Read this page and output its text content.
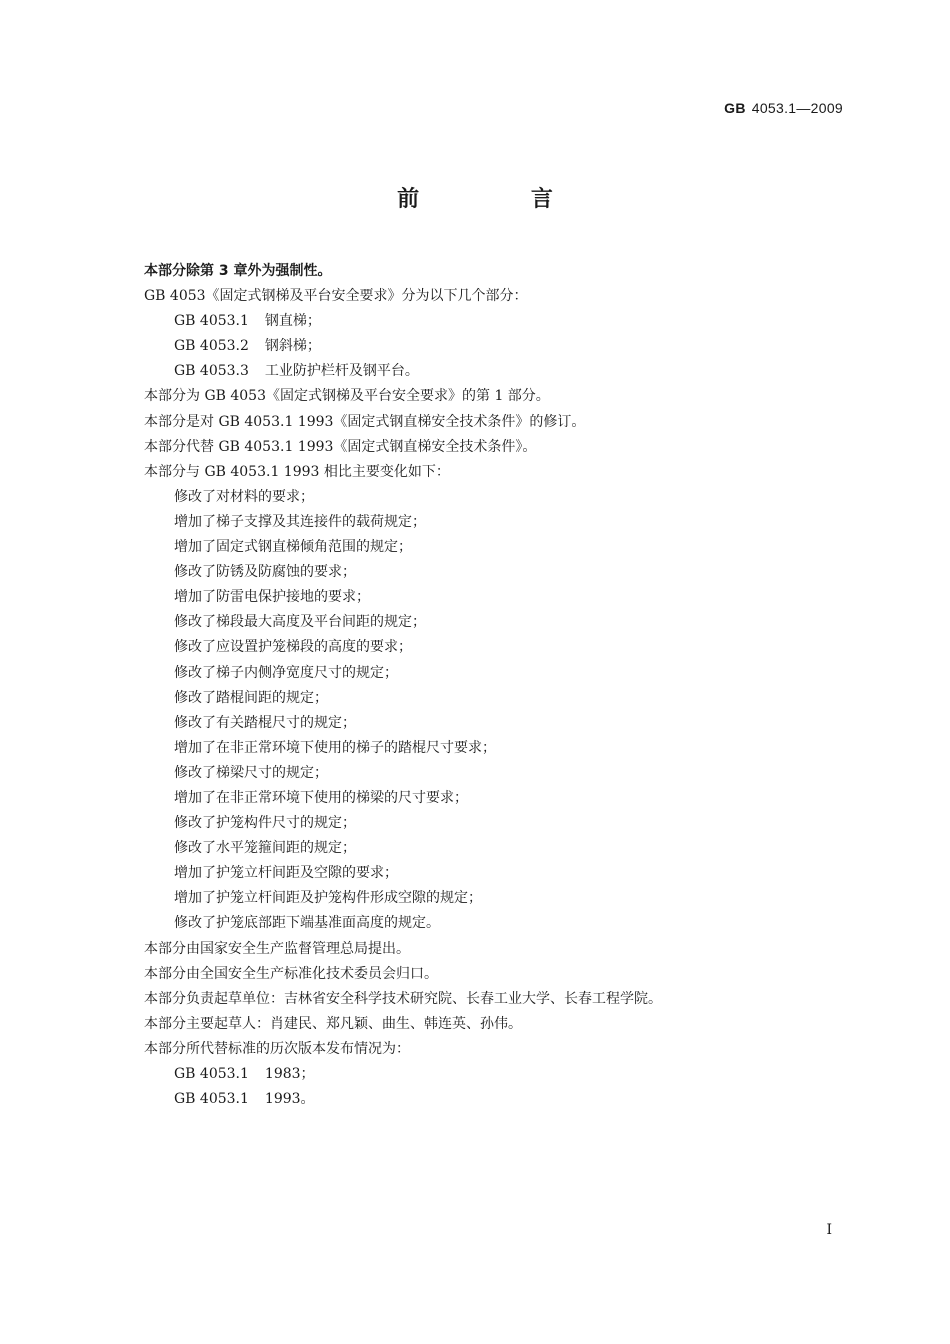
GB 4053.1—2009
前 言
本部分除第 3 章外为强制性。
GB 4053《固定式钢梯及平台安全要求》分为以下几个部分：
GB 4053.1 钢直梯；
GB 4053.2 钢斜梯；
GB 4053.3 工业防护栏杆及钢平台。
本部分为 GB 4053《固定式钢梯及平台安全要求》的第 1 部分。
本部分是对 GB 4053.1 1993《固定式钢直梯安全技术条件》的修订。
本部分代替 GB 4053.1 1993《固定式钢直梯安全技术条件》。
本部分与 GB 4053.1 1993 相比主要变化如下：
修改了对材料的要求；
增加了梯子支撑及其连接件的载荷规定；
增加了固定式钢直梯倾角范围的规定；
修改了防锈及防腐蚀的要求；
增加了防雷电保护接地的要求；
修改了梯段最大高度及平台间距的规定；
修改了应设置护笼梯段的高度的要求；
修改了梯子内侧净宽度尺寸的规定；
修改了踏棍间距的规定；
修改了有关踏棍尺寸的规定；
增加了在非正常环境下使用的梯子的踏棍尺寸要求；
修改了梯梁尺寸的规定；
增加了在非正常环境下使用的梯梁的尺寸要求；
修改了护笼构件尺寸的规定；
修改了水平笼箍间距的规定；
增加了护笼立杆间距及空隙的要求；
增加了护笼立杆间距及护笼构件形成空隙的规定；
修改了护笼底部距下端基准面高度的规定。
本部分由国家安全生产监督管理总局提出。
本部分由全国安全生产标准化技术委员会归口。
本部分负责起草单位：吉林省安全科学技术研究院、长春工业大学、长春工程学院。
本部分主要起草人：肖建民、郑凡颖、曲生、韩连英、孙伟。
本部分所代替标准的历次版本发布情况为：
GB 4053.1 1983；
GB 4053.1 1993。
I
